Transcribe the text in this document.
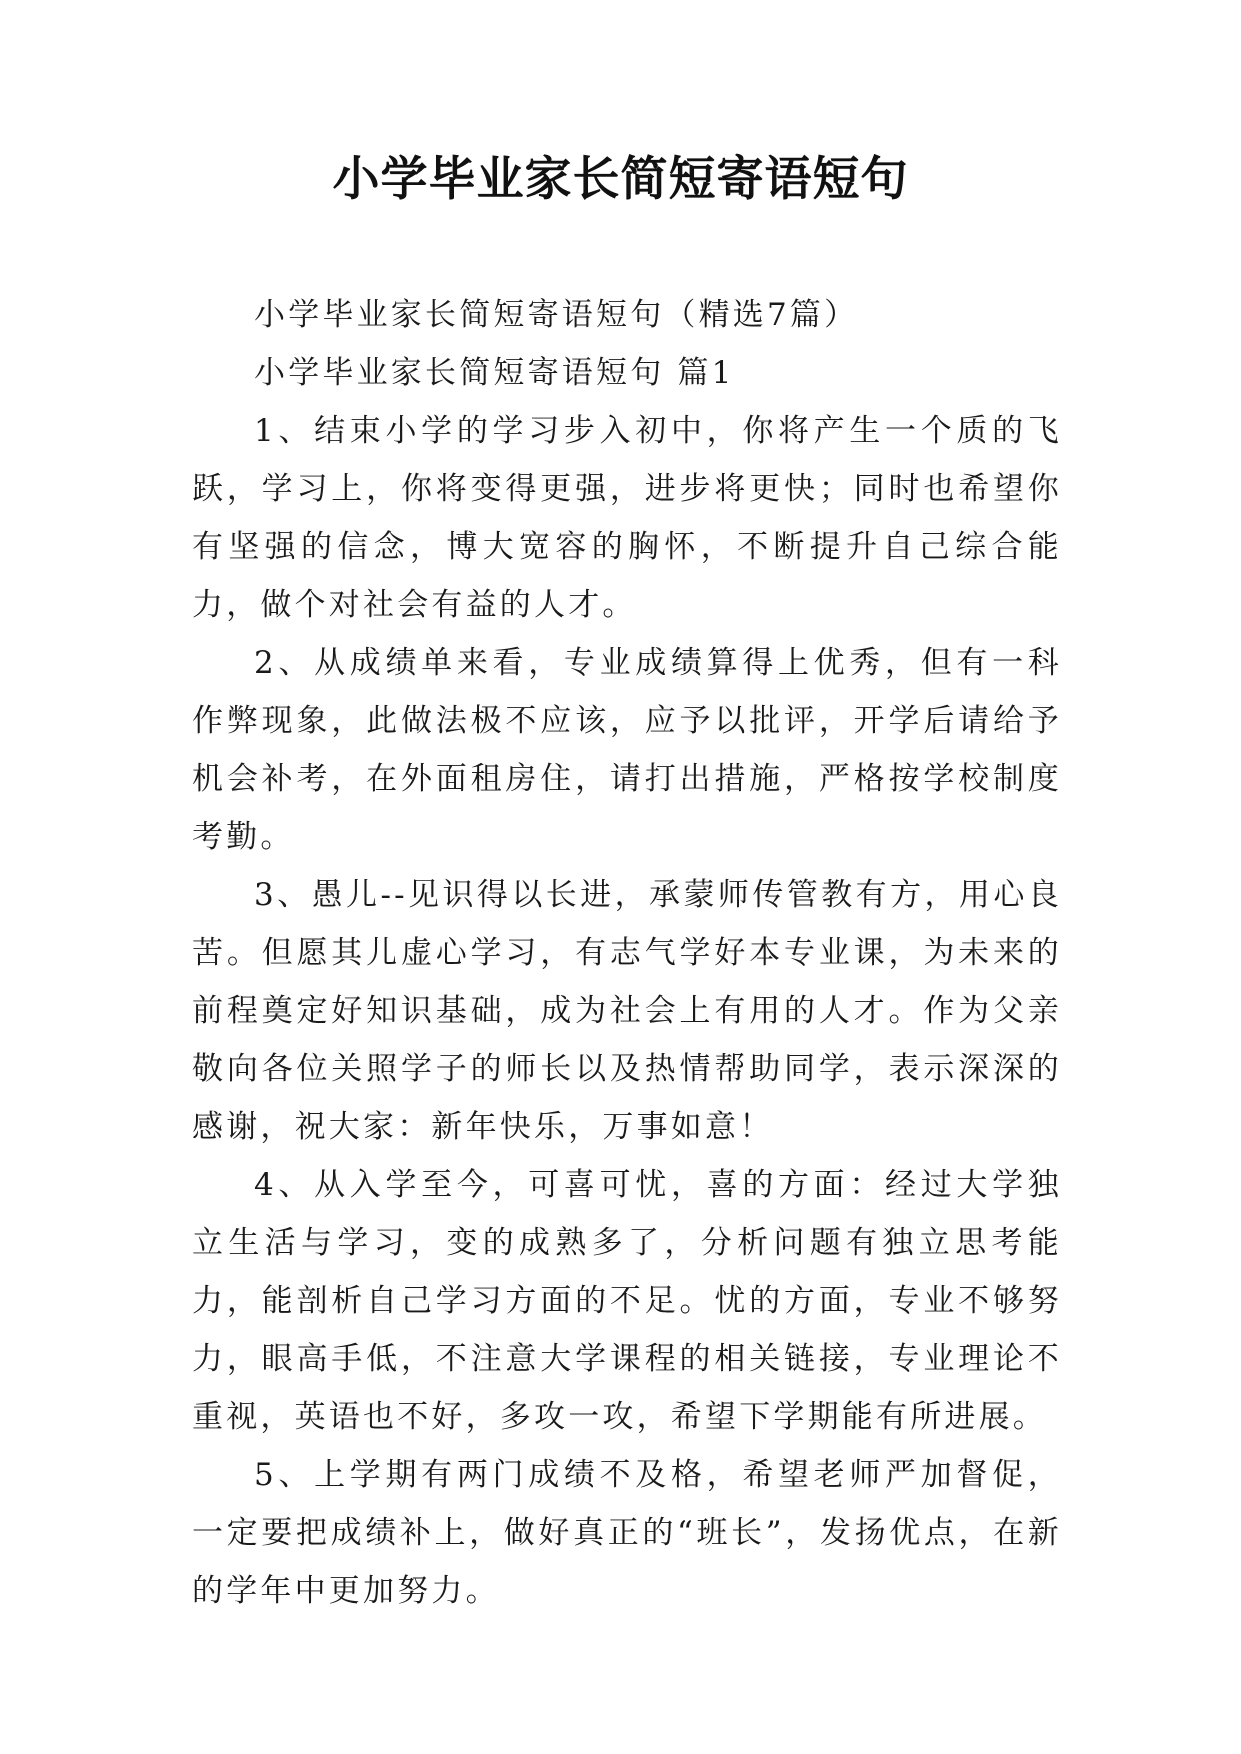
小学毕业家长简短寄语短句

小学毕业家长简短寄语短句（精选7篇）

小学毕业家长简短寄语短句 篇1

1、结束小学的学习步入初中，你将产生一个质的飞跃，学习上，你将变得更强，进步将更快；同时也希望你有坚强的信念，博大宽容的胸怀，不断提升自己综合能力，做个对社会有益的人才。

2、从成绩单来看，专业成绩算得上优秀，但有一科作弊现象，此做法极不应该，应予以批评，开学后请给予机会补考，在外面租房住，请打出措施，严格按学校制度考勤。

3、愚儿--见识得以长进，承蒙师传管教有方，用心良苦。但愿其儿虚心学习，有志气学好本专业课，为未来的前程奠定好知识基础，成为社会上有用的人才。作为父亲敬向各位关照学子的师长以及热情帮助同学，表示深深的感谢，祝大家：新年快乐，万事如意！

4、从入学至今，可喜可忧，喜的方面：经过大学独立生活与学习，变的成熟多了，分析问题有独立思考能力，能剖析自己学习方面的不足。忧的方面，专业不够努力，眼高手低，不注意大学课程的相关链接，专业理论不重视，英语也不好，多攻一攻，希望下学期能有所进展。

5、上学期有两门成绩不及格，希望老师严加督促，一定要把成绩补上，做好真正的“班长”，发扬优点，在新的学年中更加努力。
